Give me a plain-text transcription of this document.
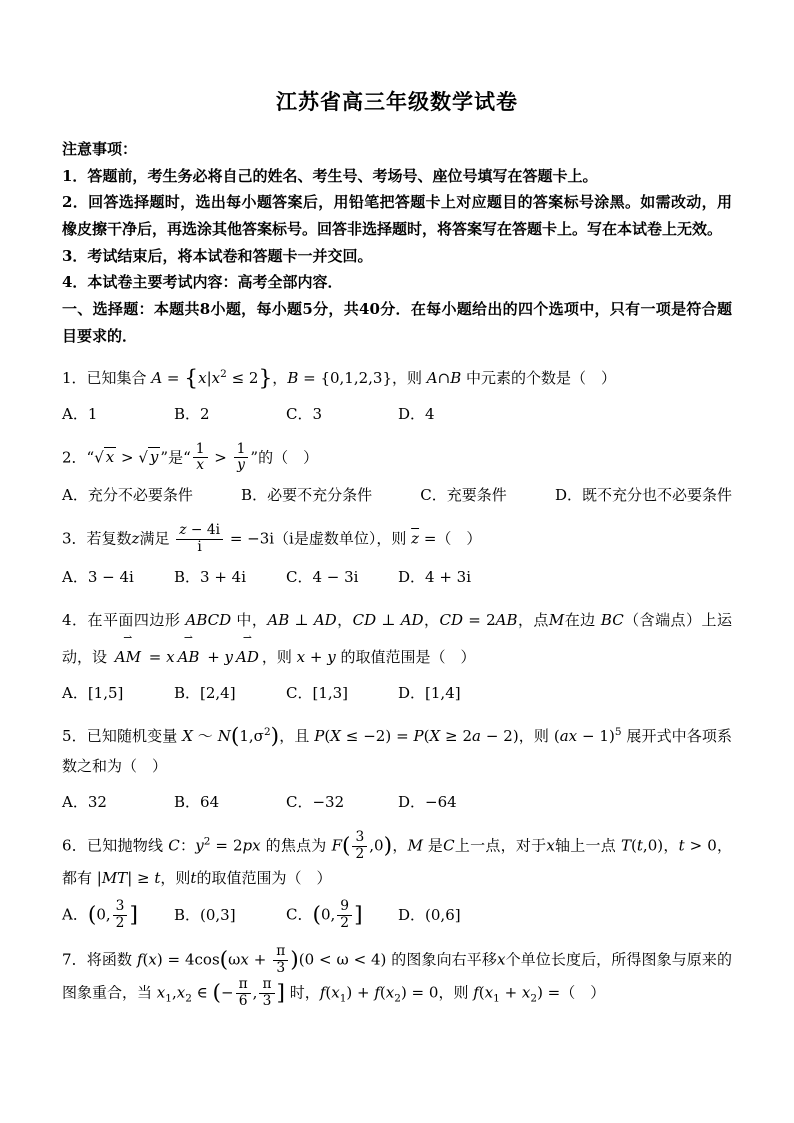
江苏省高三年级数学试卷

注意事项：

1．答题前，考生务必将自己的姓名、考生号、考场号、座位号填写在答题卡上。

2．回答选择题时，选出每小题答案后，用铅笔把答题卡上对应题目的答案标号涂黑。如需改动，用橡皮擦干净后，再选涂其他答案标号。回答非选择题时，将答案写在答题卡上。写在本试卷上无效。

3．考试结束后，将本试卷和答题卡一并交回。

4．本试卷主要考试内容：高考全部内容．

一、选择题：本题共8小题，每小题5分，共40分．在每小题给出的四个选项中，只有一项是符合题目要求的．

1．已知集合 $A = \{x|x^2 \le 2\}$，B = {0,1,2,3}，则 A∩B 中元素的个数是（　）

A．1	B．2	C．3	D．4

2．“√ x > √ y ”是“ $\frac{1}{x} > \frac{1}{y}$ ”的（　）

A．充分不必要条件	B．必要不充分条件	C．充要条件	D．既不充分也不必要条件

3．若复数z满足 $\frac{z - 4i}{i} = -3i(i$是虚数单位），则 $\overline{z}$ =（　）

A．3 − 4i	B．3 + 4i	C．4 − 3i	D．4 + 3i

4．在平面四边形 ABCD 中，AB ⊥ AD，CD ⊥ AD，CD = 2AB，点M在边 BC（含端点）上运动，设 ⇀ AM = x ⇀ AB + y ⇀ AD ，则 x + y 的取值范围是（　）

A．[1,5]	B．[2,4]	C．[1,3]	D．[1,4]

5．已知随机变量 X ～ $N(1,\sigma^2)$，且 P(X ≤ −2) = P(X ≥ 2a − 2)，则 (ax − 1)$^5$ 展开式中各项系数之和为（　）

A．32	B．64	C．−32	D．−64

6．已知抛物线 C：$y^2 = 2px$ 的焦点为 $F( \frac{3}{2} ,0)$，M 是C上一点，对于x轴上一点 T(t,0)，t > 0，都有 |MT| ≥ t，则t的取值范围为（　）

A．(0, $\frac{3}{2}$ ]	B．(0,3]	C．(0, $\frac{9}{2}$ ]	D．(0,6]

7．将函数 $f(x) = 4\cos(\omega x + \frac{\pi}{3} )(0 < \omega < 4)$ 的图象向右平移x个单位长度后，所得图象与原来的图象重合，当 $x_1,x_2$ ∈ (− $\frac{\pi}{6}$ , $\frac{\pi}{3}$ ] 时，$f(x_1) + f(x_2) = 0$，则 $f(x_1 + x_2)$ =（　）
